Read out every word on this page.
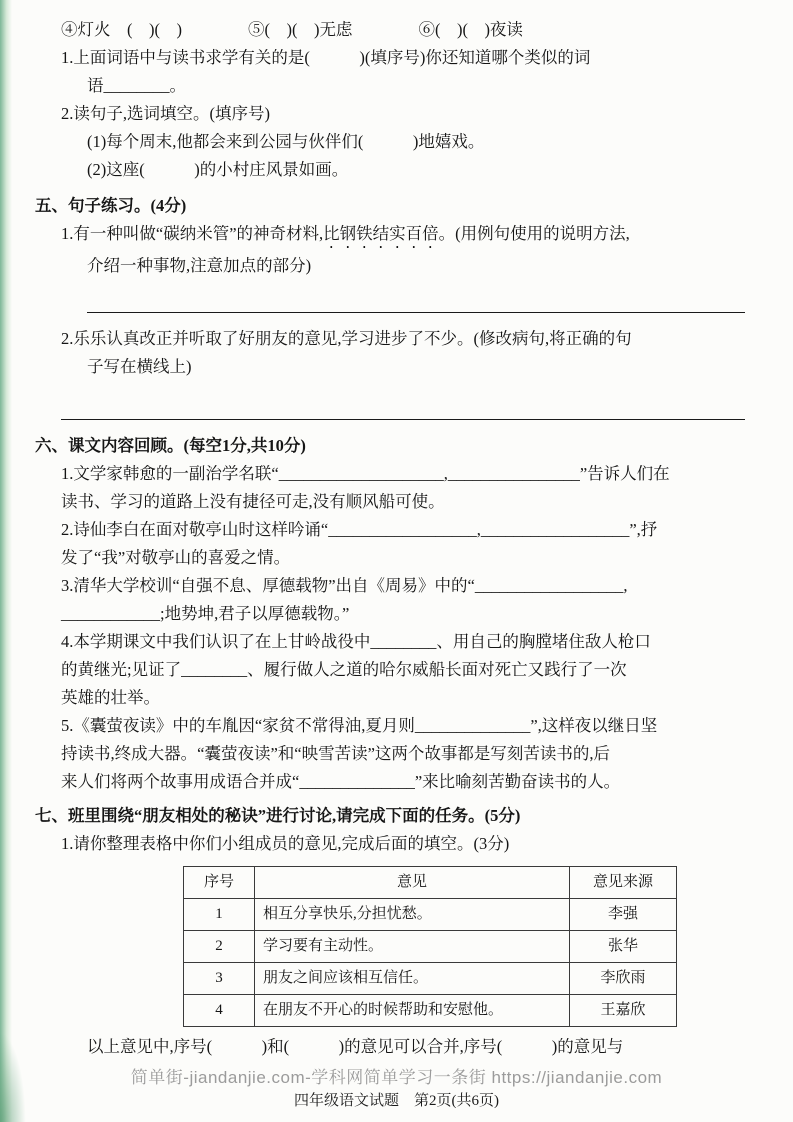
④灯火　(　)(　)　　　　⑤(　)(　)无虑　　　　⑥(　)(　)夜读
1.上面词语中与读书求学有关的是(　　　)(填序号)你还知道哪个类似的词
语________。
2.读句子,选词填空。(填序号)
(1)每个周末,他都会来到公园与伙伴们(　　　)地嬉戏。
(2)这座(　　　)的小村庄风景如画。
五、句子练习。(4分)
1.有一种叫做“碳纳米管”的神奇材料,比钢铁结实百倍。(用例句使用的说明方法,
介绍一种事物,注意加点的部分)
2.乐乐认真改正并听取了好朋友的意见,学习进步了不少。(修改病句,将正确的句
子写在横线上)
六、课文内容回顾。(每空1分,共10分)
1.文学家韩愈的一副治学名联“____________________,________________”告诉人们在
读书、学习的道路上没有捷径可走,没有顺风船可使。
2.诗仙李白在面对敬亭山时这样吟诵“__________________,__________________”,抒
发了“我”对敬亭山的喜爱之情。
3.清华大学校训“自强不息、厚德载物”出自《周易》中的“__________________,
____________;地势坤,君子以厚德载物。”
4.本学期课文中我们认识了在上甘岭战役中________、用自己的胸膛堵住敌人枪口
的黄继光;见证了________、履行做人之道的哈尔威船长面对死亡又践行了一次
英雄的壮举。
5.《囊萤夜读》中的车胤因“家贫不常得油,夏月则______________”,这样夜以继日坚
持读书,终成大器。“囊萤夜读”和“映雪苦读”这两个故事都是写刻苦读书的,后
来人们将两个故事用成语合并成“______________”来比喻刻苦勤奋读书的人。
七、班里围绕“朋友相处的秘诀”进行讨论,请完成下面的任务。(5分)
1.请你整理表格中你们小组成员的意见,完成后面的填空。(3分)
序号	意见	意见来源
1	相互分享快乐,分担忧愁。	李强
2	学习要有主动性。	张华
3	朋友之间应该相互信任。	李欣雨
4	在朋友不开心的时候帮助和安慰他。	王嘉欣
以上意见中,序号(　　　)和(　　　)的意见可以合并,序号(　　　)的意见与
简单街-jiandanjie.com-学科网简单学习一条街 https://jiandanjie.com
四年级语文试题　第2页(共6页)
